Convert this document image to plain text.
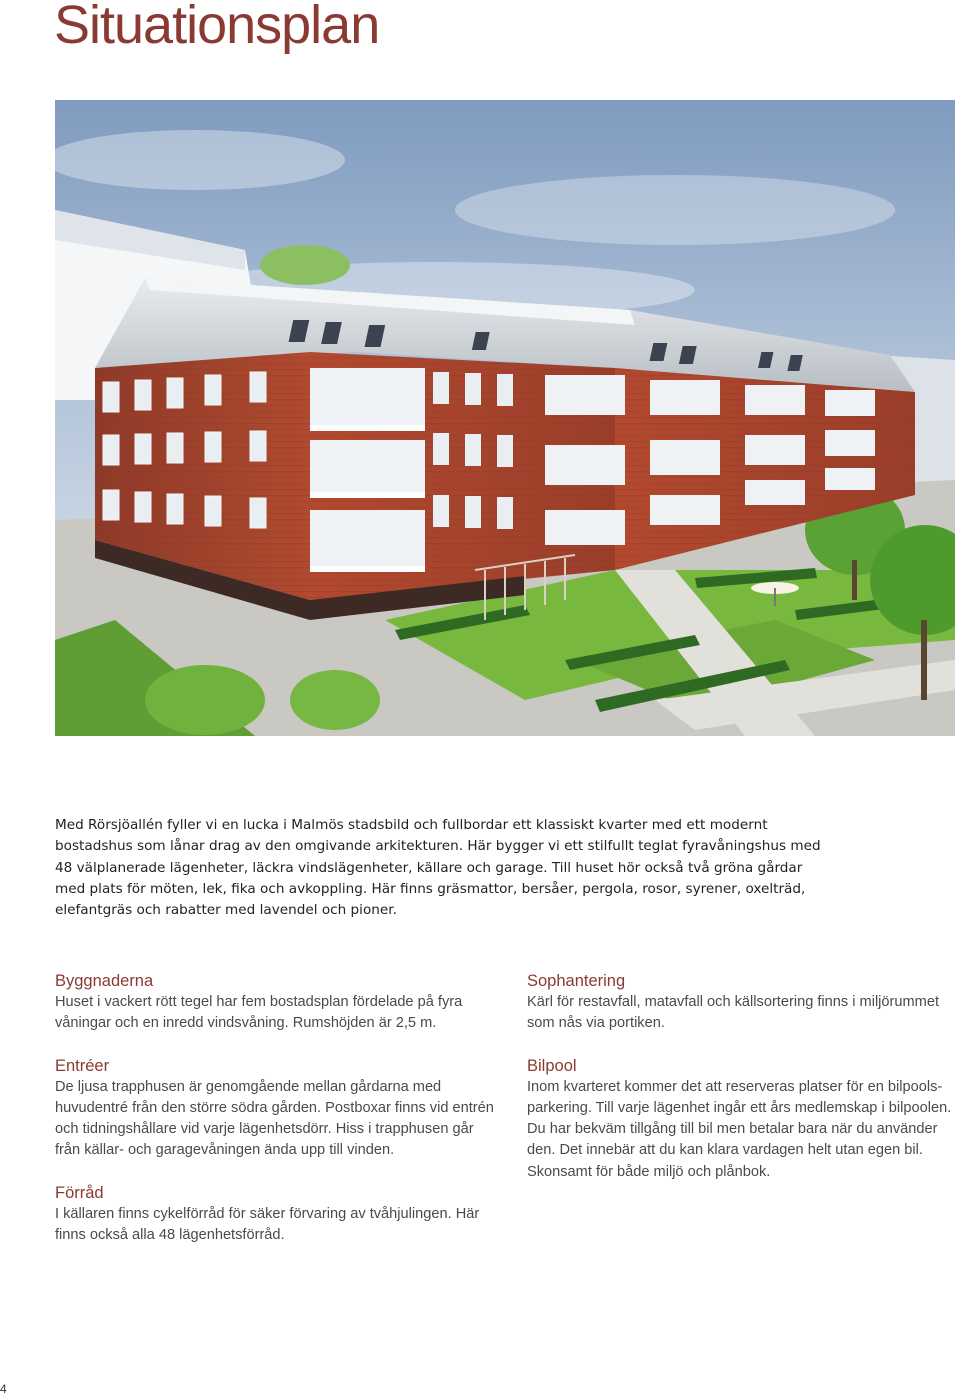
Situationsplan

Med Rörsjöallén fyller vi en lucka i Malmös stadsbild och fullbordar ett klassiskt kvarter med ett modernt bostadshus som lånar drag av den omgivande arkitekturen. Här bygger vi ett stilfullt teglat fyravåningshus med 48 välplanerade lägenheter, läckra vindslägenheter, källare och garage. Till huset hör också två gröna gårdar med plats för möten, lek, fika och avkoppling. Här finns gräsmattor, bersåer, pergola, rosor, syrener, oxelträd, elefantgräs och rabatter med lavendel och pioner.

Byggnaderna

Huset i vackert rött tegel har fem bostadsplan fördelade på fyra våningar och en inredd vindsvåning. Rumshöjden är 2,5 m.

Entréer

De ljusa trapphusen är genomgående mellan gårdarna med huvudentré från den större södra gården. Postboxar finns vid entrén och tidningshållare vid varje lägenhetsdörr. Hiss i trapphusen går från källar- och garagevåningen ända upp till vinden.

Förråd

I källaren finns cykelförråd för säker förvaring av tvåhjulingen. Här finns också alla 48 lägenhetsförråd.

Sophantering

Kärl för restavfall, matavfall och källsortering finns i miljörummet som nås via portiken.

Bilpool

Inom kvarteret kommer det att reserveras platser för en bilpools-parkering. Till varje lägenhet ingår ett års medlemskap i bilpoolen. Du har bekväm tillgång till bil men betalar bara när du använder den. Det innebär att du kan klara vardagen helt utan egen bil. Skonsamt för både miljö och plånbok.

4
